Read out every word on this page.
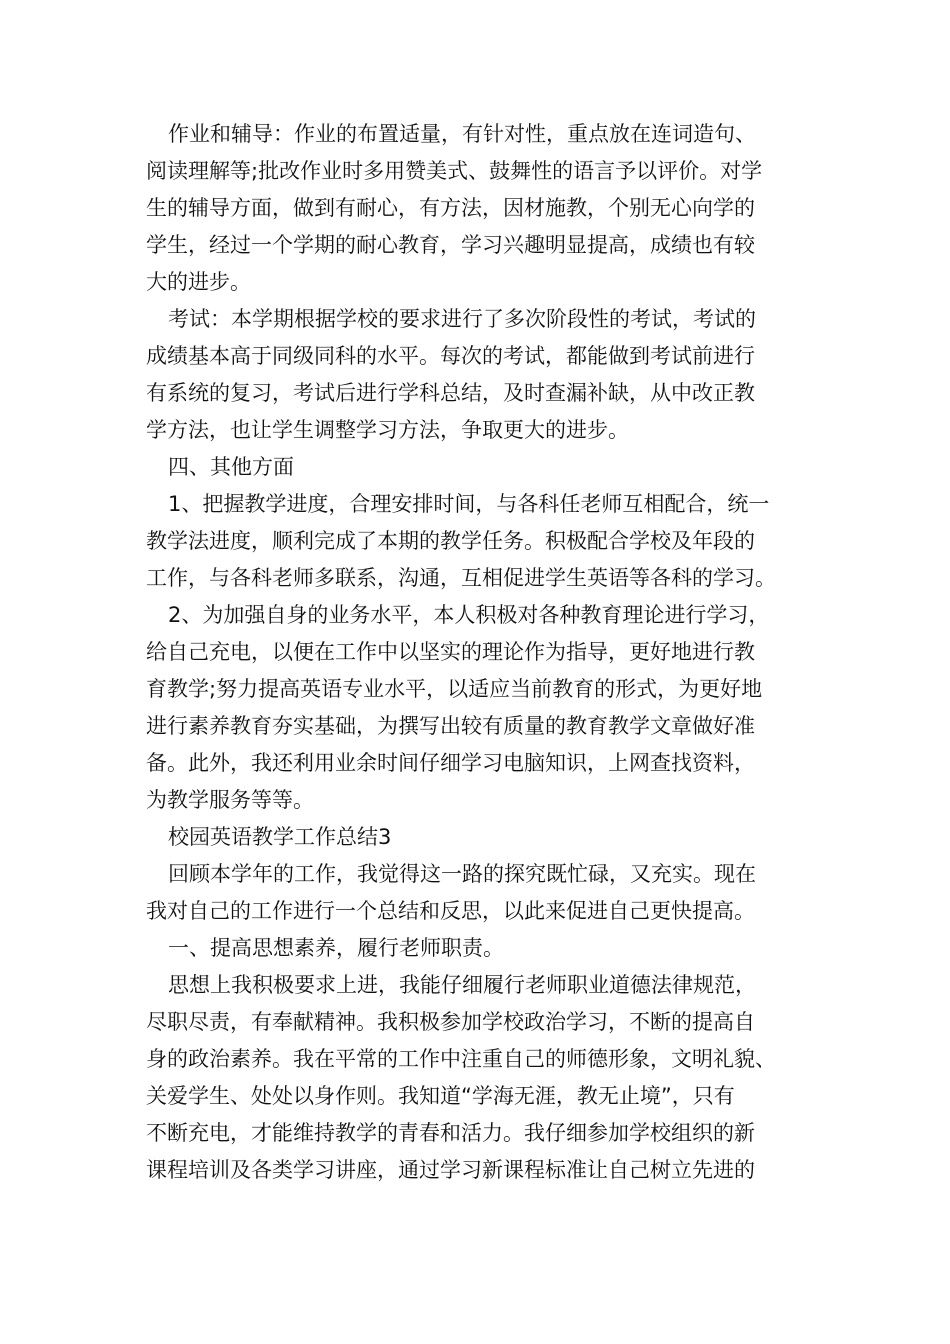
作业和辅导：作业的布置适量，有针对性，重点放在连词造句、
阅读理解等;批改作业时多用赞美式、鼓舞性的语言予以评价。对学
生的辅导方面，做到有耐心，有方法，因材施教，个别无心向学的
学生，经过一个学期的耐心教育，学习兴趣明显提高，成绩也有较
大的进步。
考试：本学期根据学校的要求进行了多次阶段性的考试，考试的
成绩基本高于同级同科的水平。每次的考试，都能做到考试前进行
有系统的复习，考试后进行学科总结，及时查漏补缺，从中改正教
学方法，也让学生调整学习方法，争取更大的进步。
四、其他方面
1、把握教学进度，合理安排时间，与各科任老师互相配合，统一
教学法进度，顺利完成了本期的教学任务。积极配合学校及年段的
工作，与各科老师多联系，沟通，互相促进学生英语等各科的学习。
2、为加强自身的业务水平，本人积极对各种教育理论进行学习，
给自己充电，以便在工作中以坚实的理论作为指导，更好地进行教
育教学;努力提高英语专业水平，以适应当前教育的形式，为更好地
进行素养教育夯实基础，为撰写出较有质量的教育教学文章做好准
备。此外，我还利用业余时间仔细学习电脑知识，上网查找资料，
为教学服务等等。
校园英语教学工作总结3
回顾本学年的工作，我觉得这一路的探究既忙碌，又充实。现在
我对自己的工作进行一个总结和反思，以此来促进自己更快提高。
一、提高思想素养，履行老师职责。
思想上我积极要求上进，我能仔细履行老师职业道德法律规范，
尽职尽责，有奉献精神。我积极参加学校政治学习，不断的提高自
身的政治素养。我在平常的工作中注重自己的师德形象，文明礼貌、
关爱学生、处处以身作则。我知道“学海无涯，教无止境”，只有
不断充电，才能维持教学的青春和活力。我仔细参加学校组织的新
课程培训及各类学习讲座，通过学习新课程标准让自己树立先进的
